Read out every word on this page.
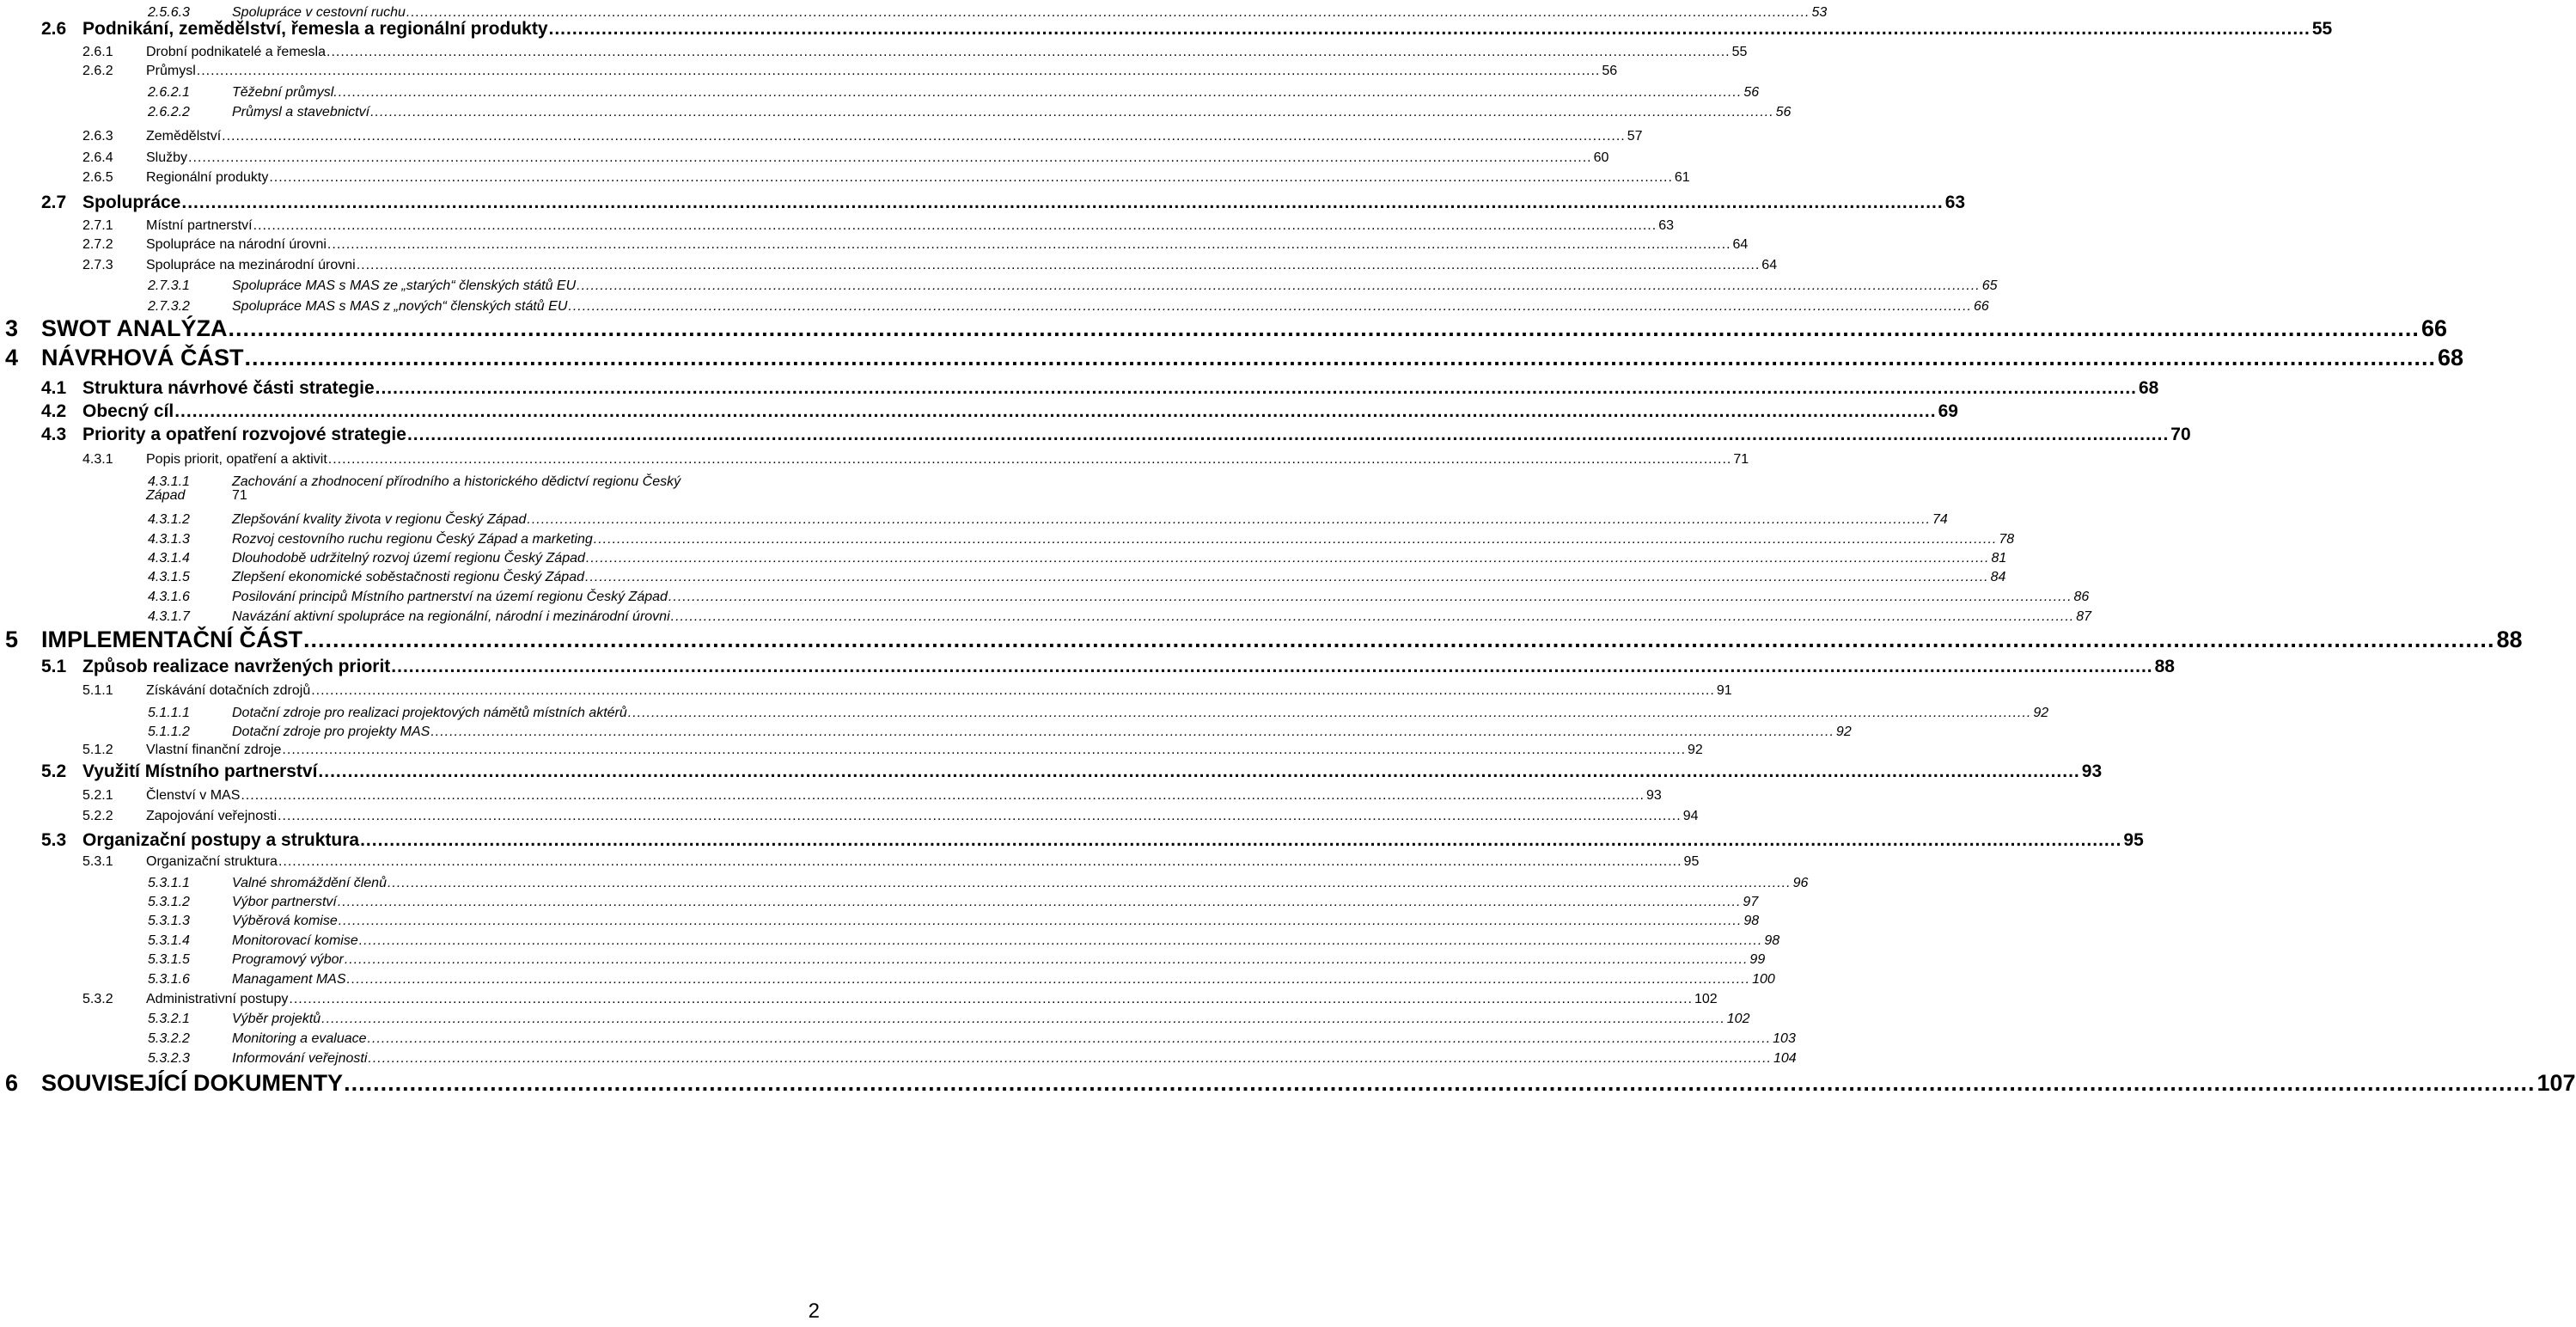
2.5.6.3	Spolupráce v cestovní ruchu ............................................................................................................................................................................................................................................................................................................ 53
2.6 Podnikání, zemědělství, řemesla a regionální produkty ............................................................................................................................................................................................................................................................................................................ 55
2.6.1 Drobní podnikatelé a řemesla ............................................................................................................................................................................................................................................................................................................ 55
2.6.2 Průmysl ............................................................................................................................................................................................................................................................................................................ 56
2.6.2.1	Těžební průmysl. ............................................................................................................................................................................................................................................................................................................ 56
2.6.2.2	Průmysl a stavebnictví ............................................................................................................................................................................................................................................................................................................ 56
2.6.3 Zemědělství ............................................................................................................................................................................................................................................................................................................ 57
2.6.4 Služby ............................................................................................................................................................................................................................................................................................................ 60
2.6.5 Regionální produkty ............................................................................................................................................................................................................................................................................................................ 61
2.7 Spolupráce ............................................................................................................................................................................................................................................................................................................ 63
2.7.1 Místní partnerství ............................................................................................................................................................................................................................................................................................................ 63
2.7.2 Spolupráce na národní úrovni ............................................................................................................................................................................................................................................................................................................ 64
2.7.3 Spolupráce na mezinárodní úrovni ............................................................................................................................................................................................................................................................................................................ 64
2.7.3.1	Spolupráce MAS s MAS ze „starých“ členských států EU ............................................................................................................................................................................................................................................................................................................ 65
2.7.3.2	Spolupráce MAS s MAS z „nových“ členských států EU ............................................................................................................................................................................................................................................................................................................ 66
3 SWOT ANALÝZA ............................................................................................................................................................................................................................................................................................................ 66
4 NÁVRHOVÁ ČÁST ............................................................................................................................................................................................................................................................................................................ 68
4.1 Struktura návrhové části strategie ............................................................................................................................................................................................................................................................................................................ 68
4.2 Obecný cíl ............................................................................................................................................................................................................................................................................................................ 69
4.3 Priority a opatření rozvojové strategie ............................................................................................................................................................................................................................................................................................................ 70
4.3.1 Popis priorit, opatření a aktivit ............................................................................................................................................................................................................................................................................................................ 71
4.3.1.1	Zachování a zhodnocení přírodního a historického dědictví regionu Český
Západ	71
4.3.1.2	Zlepšování kvality života v regionu Český Západ ............................................................................................................................................................................................................................................................................................................ 74
4.3.1.3	Rozvoj cestovního ruchu regionu Český Západ a marketing ............................................................................................................................................................................................................................................................................................................ 78
4.3.1.4	Dlouhodobě udržitelný rozvoj území regionu Český Západ ............................................................................................................................................................................................................................................................................................................ 81
4.3.1.5	Zlepšení ekonomické soběstačnosti regionu Český Západ ............................................................................................................................................................................................................................................................................................................ 84
4.3.1.6	Posilování principů Místního partnerství na území regionu Český Západ ............................................................................................................................................................................................................................................................................................................ 86
4.3.1.7	Navázání aktivní spolupráce na regionální, národní i mezinárodní úrovni ............................................................................................................................................................................................................................................................................................................ 87
5 IMPLEMENTAČNÍ ČÁST ............................................................................................................................................................................................................................................................................................................ 88
5.1 Způsob realizace navržených priorit ............................................................................................................................................................................................................................................................................................................ 88
5.1.1 Získávání dotačních zdrojů ............................................................................................................................................................................................................................................................................................................ 91
5.1.1.1	Dotační zdroje pro realizaci projektových námětů místních aktérů ............................................................................................................................................................................................................................................................................................................ 92
5.1.1.2	Dotační zdroje pro projekty MAS ............................................................................................................................................................................................................................................................................................................ 92
5.1.2 Vlastní finanční zdroje ............................................................................................................................................................................................................................................................................................................ 92
5.2 Využití Místního partnerství ............................................................................................................................................................................................................................................................................................................ 93
5.2.1 Členství v MAS ............................................................................................................................................................................................................................................................................................................ 93
5.2.2 Zapojování veřejnosti ............................................................................................................................................................................................................................................................................................................ 94
5.3 Organizační postupy a struktura ............................................................................................................................................................................................................................................................................................................ 95
5.3.1 Organizační struktura ............................................................................................................................................................................................................................................................................................................ 95
5.3.1.1	Valné shromáždění členů ............................................................................................................................................................................................................................................................................................................ 96
5.3.1.2	Výbor partnerství ............................................................................................................................................................................................................................................................................................................ 97
5.3.1.3	Výběrová komise ............................................................................................................................................................................................................................................................................................................ 98
5.3.1.4	Monitorovací komise ............................................................................................................................................................................................................................................................................................................ 98
5.3.1.5	Programový výbor ............................................................................................................................................................................................................................................................................................................ 99
5.3.1.6	Managament MAS ............................................................................................................................................................................................................................................................................................................ 100
5.3.2 Administrativní postupy ............................................................................................................................................................................................................................................................................................................ 102
5.3.2.1	Výběr projektů ............................................................................................................................................................................................................................................................................................................ 102
5.3.2.2	Monitoring a evaluace ............................................................................................................................................................................................................................................................................................................ 103
5.3.2.3	Informování veřejnosti ............................................................................................................................................................................................................................................................................................................ 104
6 SOUVISEJÍCÍ DOKUMENTY ............................................................................................................................................................................................................................................................................................................ 107
2
